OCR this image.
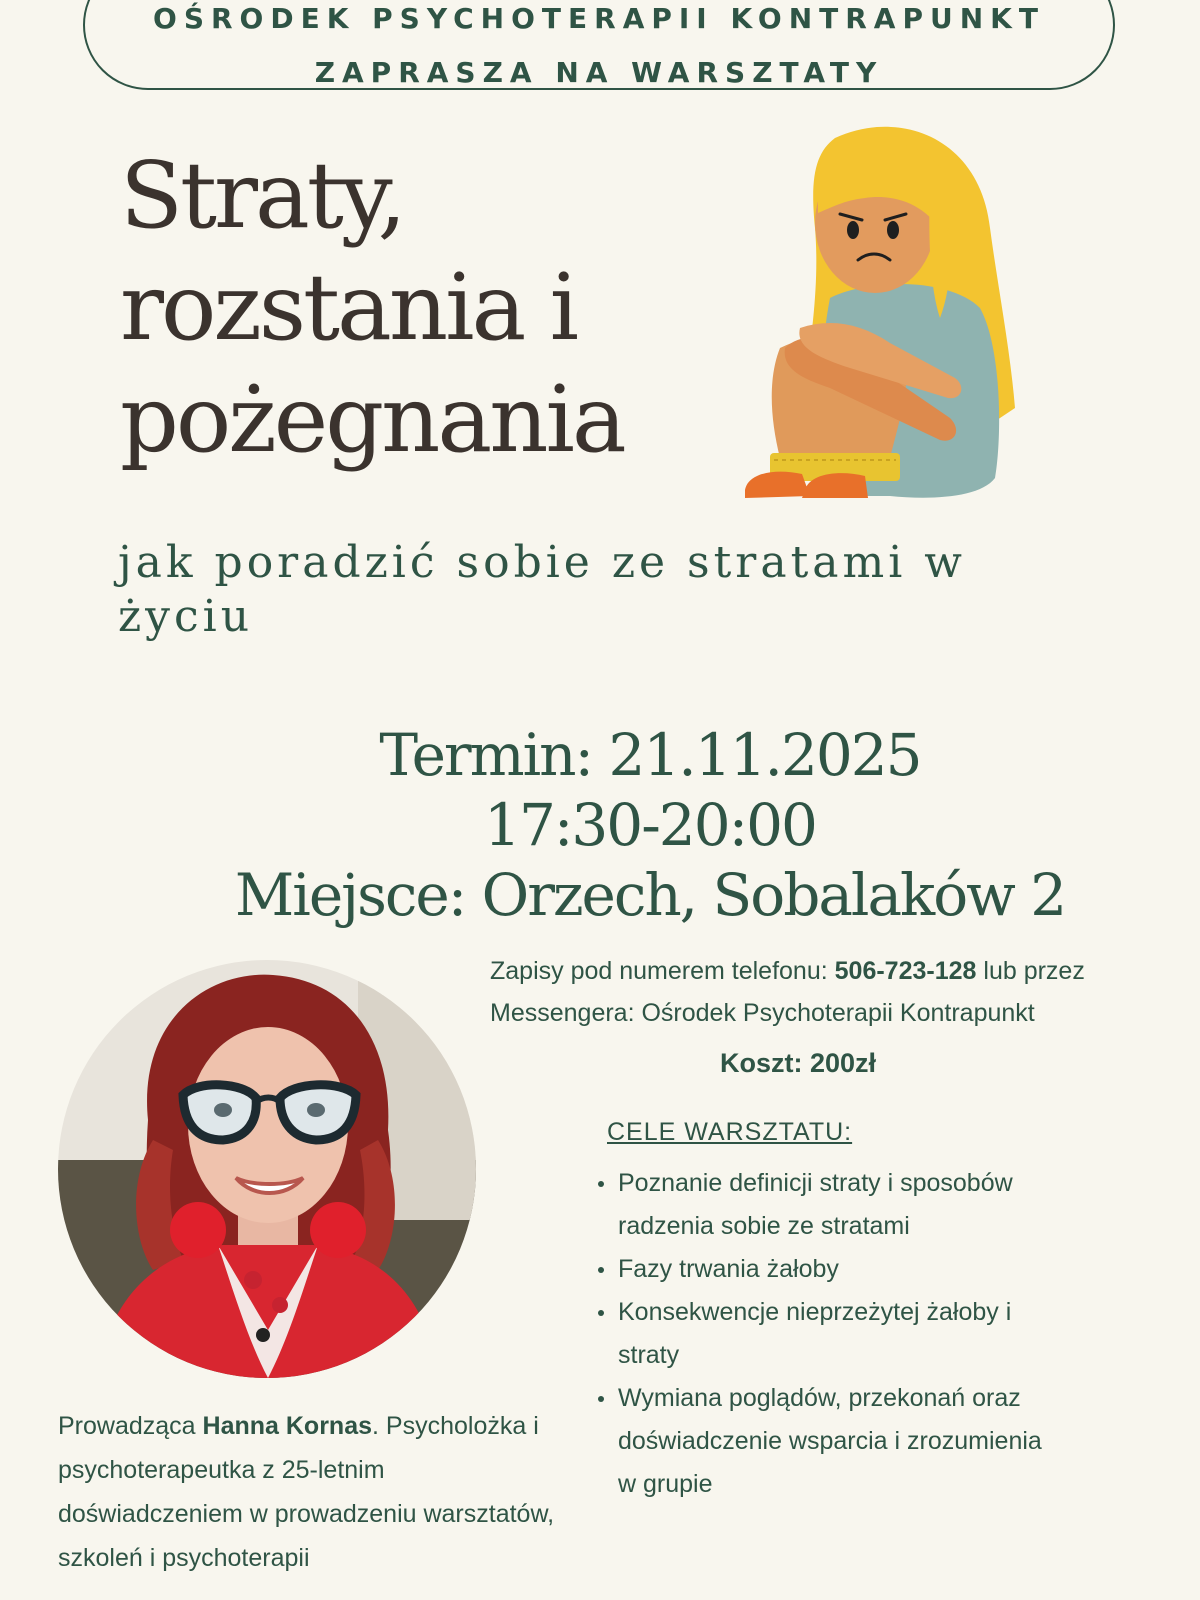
OŚRODEK PSYCHOTERAPII KONTRAPUNKT
ZAPRASZA NA WARSZTATY
Straty,
rozstania i
pożegnania

jak poradzić sobie ze stratami w życiu

Termin: 21.11.2025
17:30-20:00
Miejsce: Orzech, Sobalaków 2
Zapisy pod numerem telefonu: 506-723-128 lub przez Messengera: Ośrodek Psychoterapii Kontrapunkt
Koszt: 200zł
CELE WARSZTATU:
Poznanie definicji straty i sposobów radzenia sobie ze stratami
Fazy trwania żałoby
Konsekwencje nieprzeżytej żałoby i straty
Wymiana poglądów, przekonań oraz doświadczenie wsparcia i zrozumienia w grupie
Prowadząca Hanna Kornas. Psycholożka i psychoterapeutka z 25-letnim doświadczeniem w prowadzeniu warsztatów, szkoleń i psychoterapii
